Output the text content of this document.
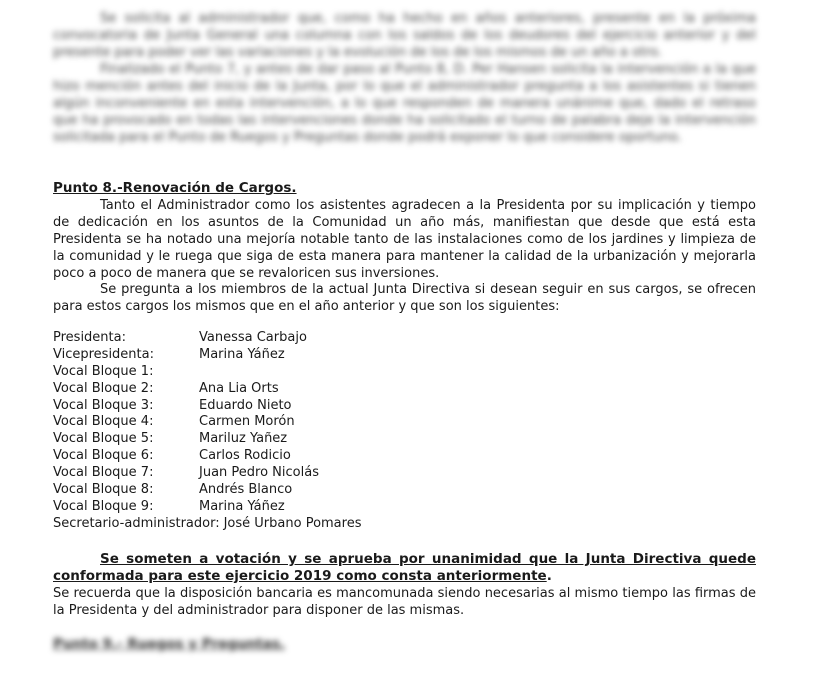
Se solicita al administrador que, como ha hecho en años anteriores, presente en la próxima convocatoria de Junta General una columna con los saldos de los deudores del ejercicio anterior y del presente para poder ver las variaciones y la evolución de los de los mismos de un año a otro.
Finalizado el Punto 7, y antes de dar paso al Punto 8, D. Per Hansen solicita la intervención a la que hizo mención antes del inicio de la Junta, por lo que el administrador pregunta a los asistentes si tienen algún inconveniente en esta intervención, a lo que responden de manera unánime que, dado el retraso que ha provocado en todas las intervenciones donde ha solicitado el turno de palabra deje la intervención solicitada para el Punto de Ruegos y Preguntas donde podrá exponer lo que considere oportuno.
Punto 8.-Renovación de Cargos.
Tanto el Administrador como los asistentes agradecen a la Presidenta por su implicación y tiempo de dedicación en los asuntos de la Comunidad un año más, manifiestan que desde que está esta Presidenta se ha notado una mejoría notable tanto de las instalaciones como de los jardines y limpieza de la comunidad y le ruega que siga de esta manera para mantener la calidad de la urbanización y mejorarla poco a poco de manera que se revaloricen sus inversiones.
Se pregunta a los miembros de la actual Junta Directiva si desean seguir en sus cargos, se ofrecen para estos cargos los mismos que en el año anterior y que son los siguientes:
Presidenta:	Vanessa Carbajo
Vicepresidenta:	Marina Yáñez
Vocal Bloque 1:
Vocal Bloque 2:	Ana Lia Orts
Vocal Bloque 3:	Eduardo Nieto
Vocal Bloque 4:	Carmen Morón
Vocal Bloque 5:	Mariluz Yañez
Vocal Bloque 6:	Carlos Rodicio
Vocal Bloque 7:	Juan Pedro Nicolás
Vocal Bloque 8:	Andrés Blanco
Vocal Bloque 9:	Marina Yáñez
Secretario-administrador: José Urbano Pomares
Se someten a votación y se aprueba por unanimidad que la Junta Directiva quede
conformada para este ejercicio 2019 como consta anteriormente.
Se recuerda que la disposición bancaria es mancomunada siendo necesarias al mismo tiempo las firmas de la Presidenta y del administrador para disponer de las mismas.
Punto 9.- Ruegos y Preguntas.
